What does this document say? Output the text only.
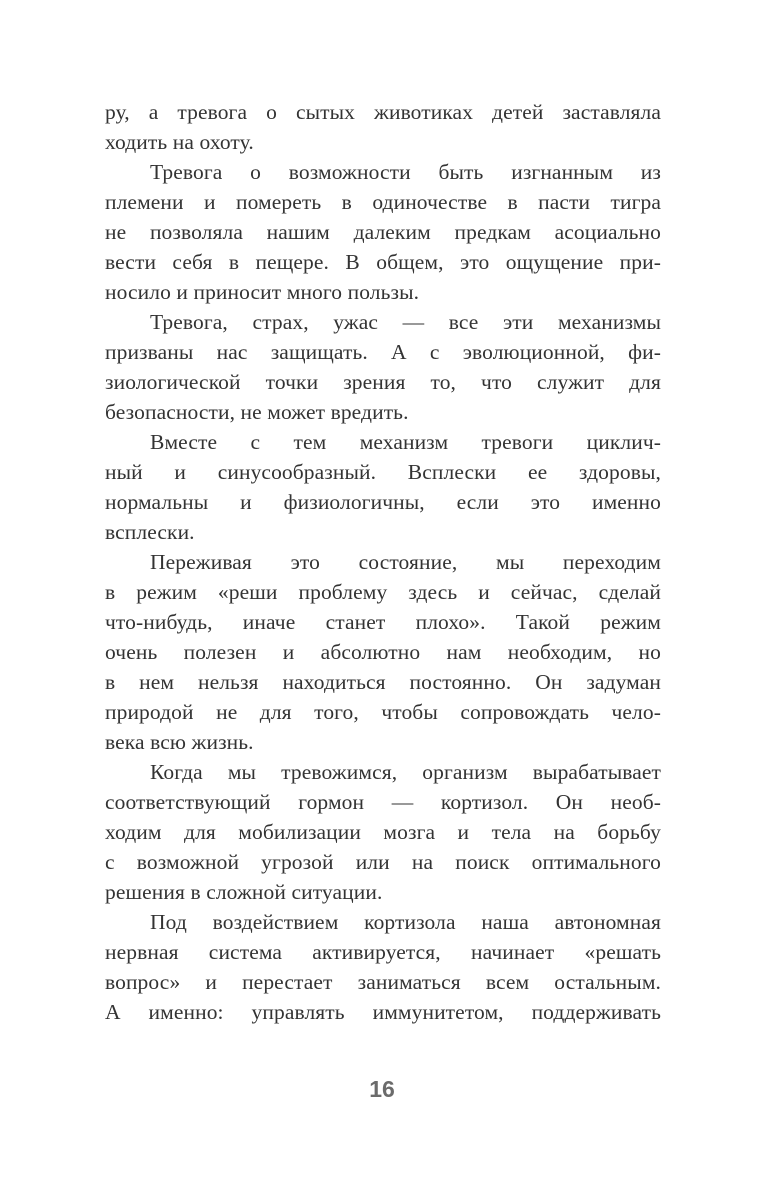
ру, а тревога о сытых животиках детей заставляла
ходить на охоту.
Тревога о возможности быть изгнанным из
племени и помереть в одиночестве в пасти тигра
не позволяла нашим далеким предкам асоциально
вести себя в пещере. В общем, это ощущение при-
носило и приносит много пользы.
Тревога, страх, ужас — все эти механизмы
призваны нас защищать. А с эволюционной, фи-
зиологической точки зрения то, что служит для
безопасности, не может вредить.
Вместе с тем механизм тревоги циклич-
ный и синусообразный. Всплески ее здоровы,
нормальны и физиологичны, если это именно
всплески.
Переживая это состояние, мы переходим
в режим «реши проблему здесь и сейчас, сделай
что-нибудь, иначе станет плохо». Такой режим
очень полезен и абсолютно нам необходим, но
в нем нельзя находиться постоянно. Он задуман
природой не для того, чтобы сопровождать чело-
века всю жизнь.
Когда мы тревожимся, организм вырабатывает
соответствующий гормон — кортизол. Он необ-
ходим для мобилизации мозга и тела на борьбу
с возможной угрозой или на поиск оптимального
решения в сложной ситуации.
Под воздействием кортизола наша автономная
нервная система активируется, начинает «решать
вопрос» и перестает заниматься всем остальным.
А именно: управлять иммунитетом, поддерживать
16
